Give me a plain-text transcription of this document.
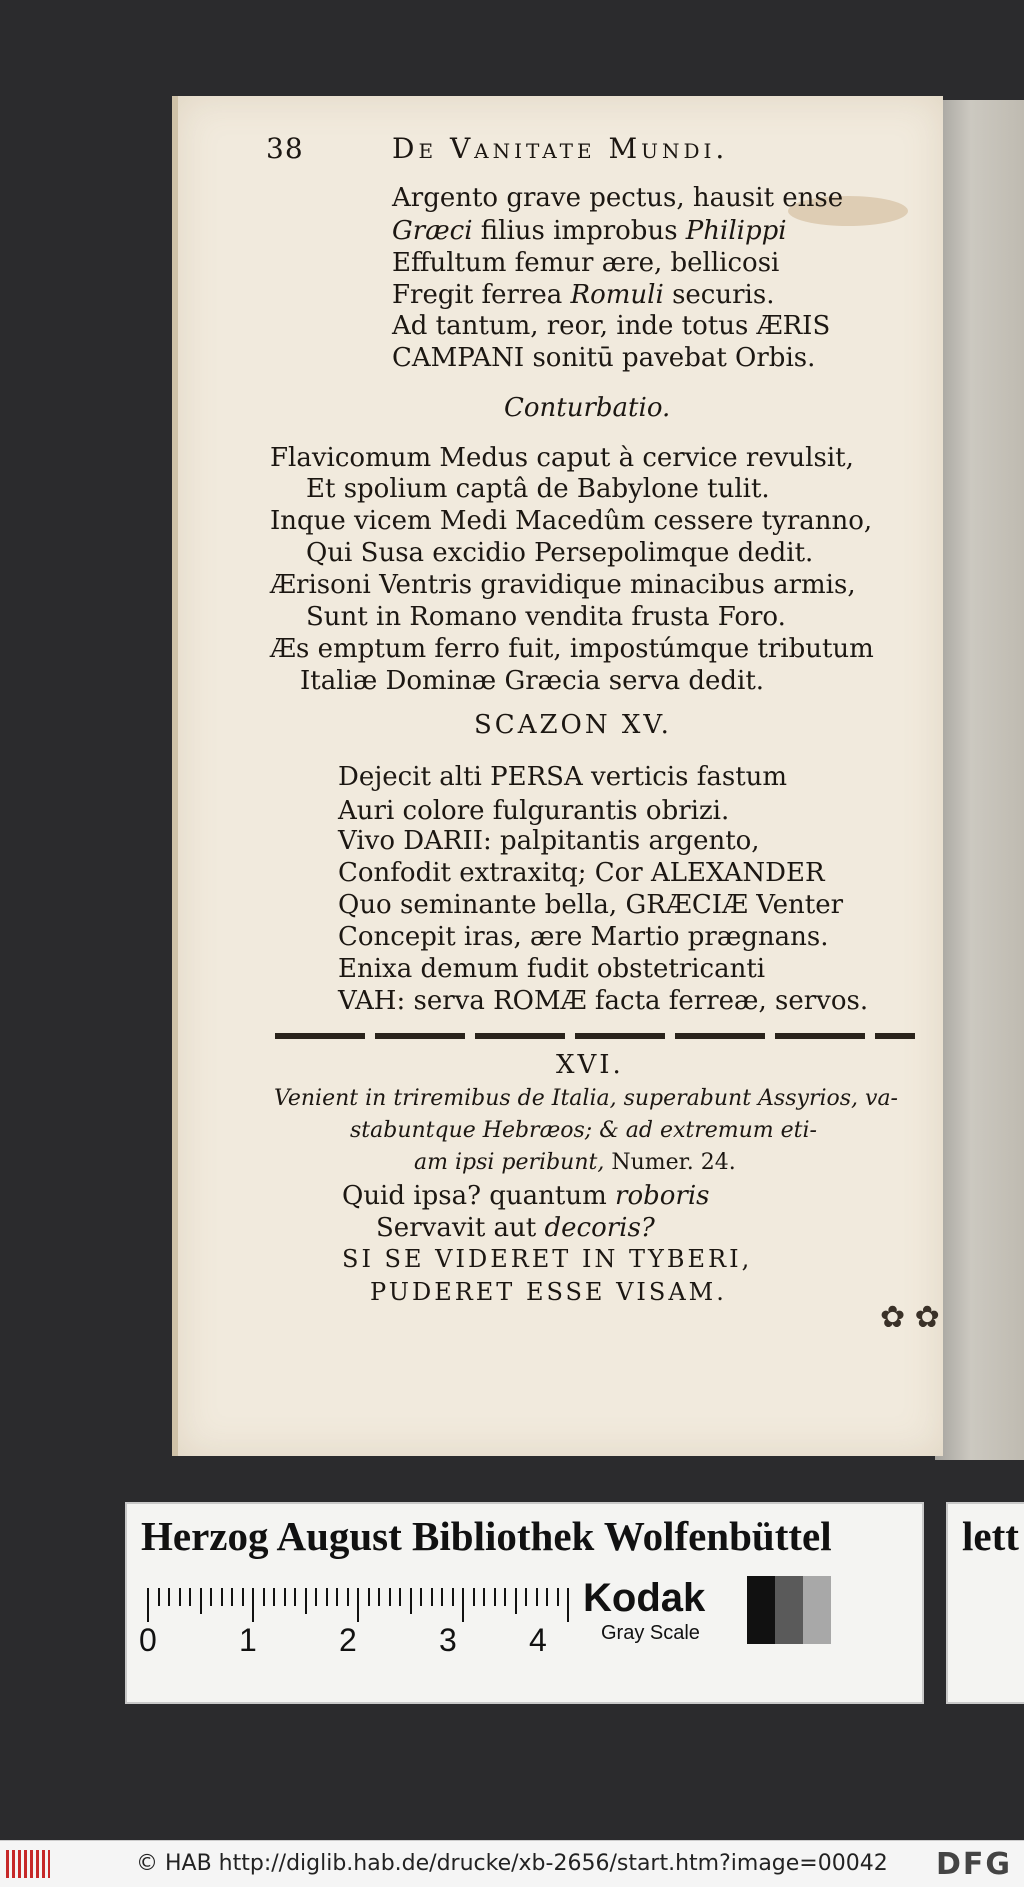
38	De Vanitate Mundi.
Argento grave pectus, hausit ense
Græci filius improbus Philippi
Effultum femur ære, bellicosi
Fregit ferrea Romuli securis.
Ad tantum, reor, inde totus ÆRIS
CAMPANI sonitū pavebat Orbis.
Conturbatio.
Flavicomum Medus caput à cervice revulsit,
Et spolium captâ de Babylone tulit.
Inque vicem Medi Macedûm cessere tyranno,
Qui Susa excidio Persepolimque dedit.
Ærisoni Ventris gravidique minacibus armis,
Sunt in Romano vendita frusta Foro.
Æs emptum ferro fuit, impostúmque tributum
Italiæ Dominæ Græcia serva dedit.
SCAZON XV.
Dejecit alti PERSA verticis fastum
Auri colore fulgurantis obrizi.
Vivo DARII: palpitantis argento,
Confodit extraxitq; Cor ALEXANDER
Quo seminante bella, GRÆCIÆ Venter
Concepit iras, ære Martio prægnans.
Enixa demum fudit obstetricanti
VAH: serva ROMÆ facta ferreæ, servos.
XVI.
Venient in triremibus de Italia, superabunt Assyrios, va-
stabuntque Hebræos; & ad extremum eti-
am ipsi peribunt, Numer. 24.
Quid ipsa? quantum roboris
Servavit aut decoris?
SI SE VIDERET IN TYBERI,
PUDERET ESSE VISAM.
✿ ✿
Herzog August Bibliothek Wolfenbüttel
0	1	2	3 4
Kodak
Gray Scale
lett
© HAB http://diglib.hab.de/drucke/xb-2656/start.htm?image=00042 DFG
